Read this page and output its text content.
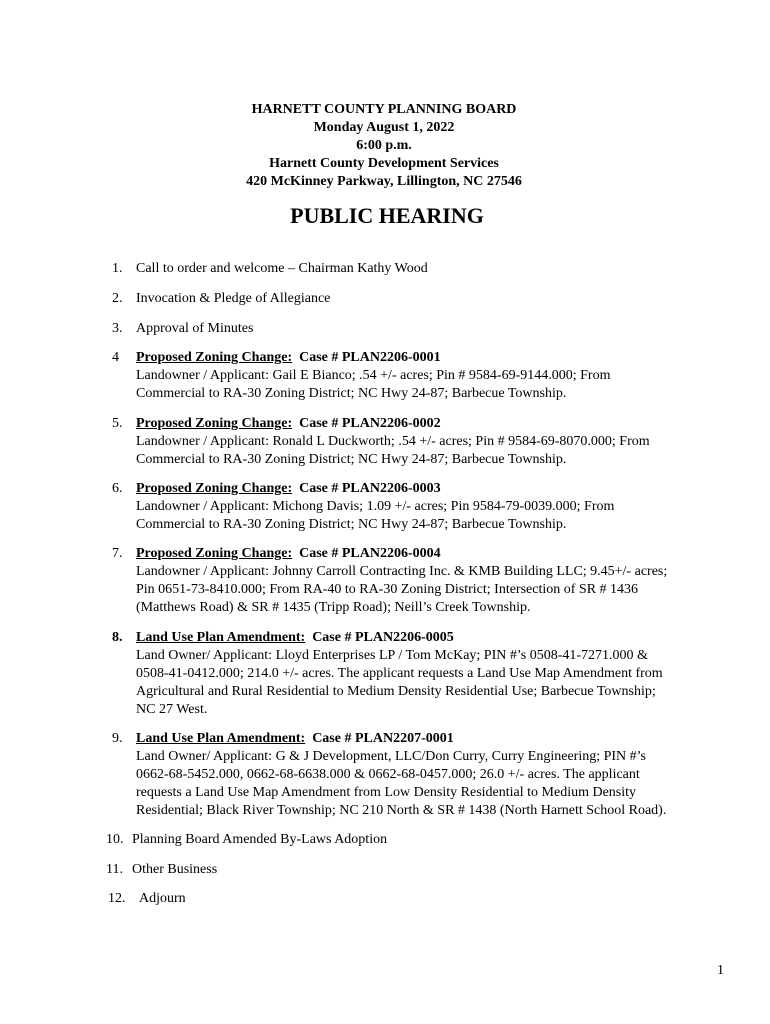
HARNETT COUNTY PLANNING BOARD
Monday August 1, 2022
6:00 p.m.
Harnett County Development Services
420 McKinney Parkway, Lillington, NC 27546
PUBLIC HEARING
1. Call to order and welcome – Chairman Kathy Wood
2. Invocation & Pledge of Allegiance
3. Approval of Minutes
4 Proposed Zoning Change: Case # PLAN2206-0001
Landowner / Applicant: Gail E Bianco; .54 +/- acres; Pin # 9584-69-9144.000; From
Commercial to RA-30 Zoning District; NC Hwy 24-87; Barbecue Township.
5. Proposed Zoning Change: Case # PLAN2206-0002
Landowner / Applicant: Ronald L Duckworth; .54 +/- acres; Pin # 9584-69-8070.000; From
Commercial to RA-30 Zoning District; NC Hwy 24-87; Barbecue Township.
6. Proposed Zoning Change: Case # PLAN2206-0003
Landowner / Applicant: Michong Davis; 1.09 +/- acres; Pin 9584-79-0039.000; From
Commercial to RA-30 Zoning District; NC Hwy 24-87; Barbecue Township.
7. Proposed Zoning Change: Case # PLAN2206-0004
Landowner / Applicant: Johnny Carroll Contracting Inc. & KMB Building LLC; 9.45+/- acres;
Pin 0651-73-8410.000; From RA-40 to RA-30 Zoning District; Intersection of SR # 1436
(Matthews Road) & SR # 1435 (Tripp Road); Neill’s Creek Township.
8. Land Use Plan Amendment: Case # PLAN2206-0005
Land Owner/ Applicant: Lloyd Enterprises LP / Tom McKay; PIN #’s 0508-41-7271.000 &
0508-41-0412.000; 214.0 +/- acres. The applicant requests a Land Use Map Amendment from
Agricultural and Rural Residential to Medium Density Residential Use; Barbecue Township;
NC 27 West.
9. Land Use Plan Amendment: Case # PLAN2207-0001
Land Owner/ Applicant: G & J Development, LLC/Don Curry, Curry Engineering; PIN #’s
0662-68-5452.000, 0662-68-6638.000 & 0662-68-0457.000; 26.0 +/- acres. The applicant
requests a Land Use Map Amendment from Low Density Residential to Medium Density
Residential; Black River Township; NC 210 North & SR # 1438 (North Harnett School Road).
10. Planning Board Amended By-Laws Adoption
11. Other Business
12. Adjourn
1
